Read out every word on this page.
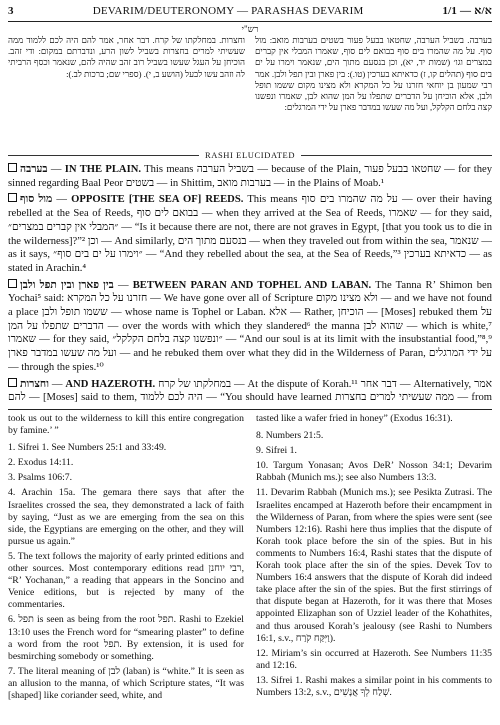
3	DEVARIM/DEUTERONOMY — PARASHAS DEVARIM	1/1 — א/א
רש"י
בערבה. בשביל הערבה, שחטאו בבעל פעור בשטים בערבות מואב: מול סוף. על מה שהמרו בים סוף בבואם לים סוף, שאמרו המבלי אין קברים במצרים וגו׳ (שמות יד, יא), וכן בנסעם מתוך הים, שנאמר וימרו על ים בים סוף (תהלים קו, ז) כדאיתא בערכין (טו.): בין פארן ובין תפל ולבן. אמר רבי שמעון בן יוחאי חזרנו על כל המקרא ולא מצינו מקום ששמו תופל ולבן, אלא הוכיחן על הדברים שתפלו על המן שהוא לבן, שאמרו ונפשנו קצה בלחם הקלקל, ועל מה שעשו במדבר פארן על ידי המרגלים:
וחצרות. במחלקתו של קרח. דבר אחר, אמר להם היה לכם ללמוד ממה שעשיתי למרים בחצרות בשביל לשון הרע, ונדברתם במקום: ודי זהב. הוכיחן על העגל שעשו בשביל רוב זהב שהיה להם, שנאמר וכסף הרביתי לה וזהב עשו לבעל (הושע ב, י). (ספרי שם; ברכות לב.):
RASHI ELUCIDATED

בערבה — IN THE PLAIN. This means בשביל הערבה — because of the Plain, שחטאו בבעל פעור — for they sinned regarding Baal Peor בשטים — in Shittim, בערבות מואב — in the Plains of Moab.¹

מול סוף — OPPOSITE [THE SEA OF] REEDS. This means על מה שהמרו בים סוף — over their having rebelled at the Sea of Reeds, בבואם לים סוף — when they arrived at the Sea of Reeds, שאמרו — for they said, ״המבלי אין קברים במצרים״ — “Is it because there are not, there are not graves in Egypt, [that you took us to die in the wilderness]?”² וכן — And similarly, בנסעם מתוך הים — when they traveled out from within the sea, שנאמר — as it says, ״וימרו על ים בים סוף״ — “And they rebelled about the sea, at the Sea of Reeds,”³ כדאיתא בערכין — as stated in Arachin.⁴

בין פארן ובין תפל ולבן — BETWEEN PARAN AND TOPHEL AND LABAN. The Tanna R’ Shimon ben Yochai⁵ said: חזרנו על כל המקרא — We have gone over all of Scripture ולא מצינו מקום — and we have not found a place ששמו תופל ולבן — whose name is Tophel or Laban. אלא — Rather, הוכיחן — [Moses] rebuked them על הדברים שתפלו על המן — over the words with which they slandered⁶ the manna שהוא לבן — which is white,⁷ שאמרו — for they said, ״ונפשנו קצה בלחם הקלקל״ — “And our soul is at its limit with the insubstantial food,”⁸,⁹ ועל מה שעשו במדבר פארן — and he rebuked them over what they did in the Wilderness of Paran, על ידי המרגלים — through the spies.¹⁰

וחצרות — AND HAZEROTH.	במחלקתו של קרח — At the dispute of Korah.¹¹ דבר אחר — Alternatively, אמר להם — [Moses] said to them, היה לכם ללמוד — “You should have learned ממה שעשיתי למרים בחצרות — from

took us out to the wilderness to kill this entire congregation by famine.’ ”

1. Sifrei 1. See Numbers 25:1 and 33:49.

2. Exodus 14:11.

3. Psalms 106:7.

4. Arachin 15a. The gemara there says that after the Israelites crossed the sea, they demonstrated a lack of faith by saying, “Just as we are emerging from the sea on this side, the Egyptians are emerging on the other, and they will pursue us again.”

5. The text follows the majority of early printed editions and other sources. Most contemporary editions read רבי יוחנן, “R’ Yochanan,” a reading that appears in the Soncino and Venice editions, but is rejected by many of the commentaries.

6. תפל is seen as being from the root תפל. Rashi to Ezekiel 13:10 uses the French word for “smearing plaster” to define a word from the root תפל. By extension, it is used for besmirching somebody or something.

7. The literal meaning of לבן (laban) is “white.” It is seen as an allusion to the manna, of which Scripture states, “It was [shaped] like coriander seed, white, and

tasted like a wafer fried in honey” (Exodus 16:31).

8. Numbers 21:5.

9. Sifrei 1.

10. Targum Yonasan; Avos DeR’ Nosson 34:1; Devarim Rabbah (Munich ms.); see also Numbers 13:3.

11. Devarim Rabbah (Munich ms.); see Pesikta Zutrasi. The Israelites encamped at Hazeroth before their encampment in the Wilderness of Paran, from where the spies were sent (see Numbers 12:16). Rashi here thus implies that the dispute of Korah took place before the sin of the spies. But in his comments to Numbers 16:4, Rashi states that the dispute of Korah took place after the sin of the spies. Devek Tov to Numbers 16:4 answers that the dispute of Korah did indeed take place after the sin of the spies. But the first stirrings of that dispute began at Hazeroth, for it was there that Moses appointed Elizaphan son of Uzziel leader of the Kohathites, and thus aroused Korah’s jealousy (see Rashi to Numbers 16:1, s.v., וַיִּקַּח קֹרַח).

12. Miriam’s sin occurred at Hazeroth. See Numbers 11:35 and 12:16.

13. Sifrei 1. Rashi makes a similar point in his comments to Numbers 13:2, s.v., שְׁלַח לְךָ אֲנָשִׁים.
